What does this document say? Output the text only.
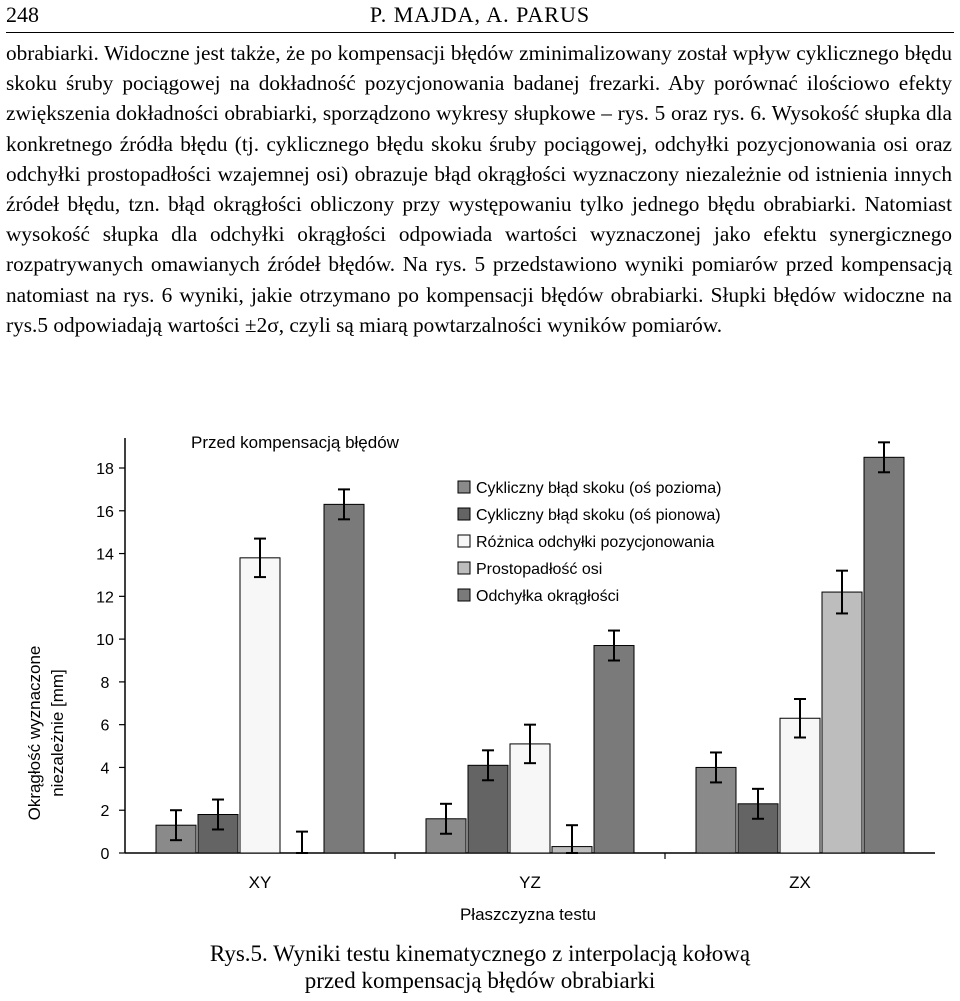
248	P. MAJDA, A. PARUS

obrabiarki. Widoczne jest także, że po kompensacji błędów zminimalizowany został wpływ cyklicznego błędu skoku śruby pociągowej na dokładność pozycjonowania badanej frezarki. Aby porównać ilościowo efekty zwiększenia dokładności obrabiarki, sporządzono wykresy słupkowe – rys. 5 oraz rys. 6. Wysokość słupka dla konkretnego źródła błędu (tj. cyklicznego błędu skoku śruby pociągowej, odchyłki pozycjonowania osi oraz odchyłki prostopadłości wzajemnej osi) obrazuje błąd okrągłości wyznaczony niezależnie od istnienia innych źródeł błędu, tzn. błąd okrągłości obliczony przy występowaniu tylko jednego błędu obrabiarki. Natomiast wysokość słupka dla odchyłki okrągłości odpowiada wartości wyznaczonej jako efektu synergicznego rozpatrywanych omawianych źródeł błędów. Na rys. 5 przedstawiono wyniki pomiarów przed kompensacją natomiast na rys. 6 wyniki, jakie otrzymano po kompensacji błędów obrabiarki. Słupki błędów widoczne na rys.5 odpowiadają wartości ±2σ, czyli są miarą powtarzalności wyników pomiarów.

Przed kompensacją błędów
Okrągłość wyznaczone niezależnie [mm]
0
2
4
6
8
10
12
14
16
18
XY	YZ	ZX
Płaszczyzna testu
Cykliczny błąd skoku (oś pozioma)
Cykliczny błąd skoku (oś pionowa)
Różnica odchyłki pozycjonowania
Prostopadłość osi
Odchyłka okrągłości
Rys.5. Wyniki testu kinematycznego z interpolacją kołową
przed kompensacją błędów obrabiarki
